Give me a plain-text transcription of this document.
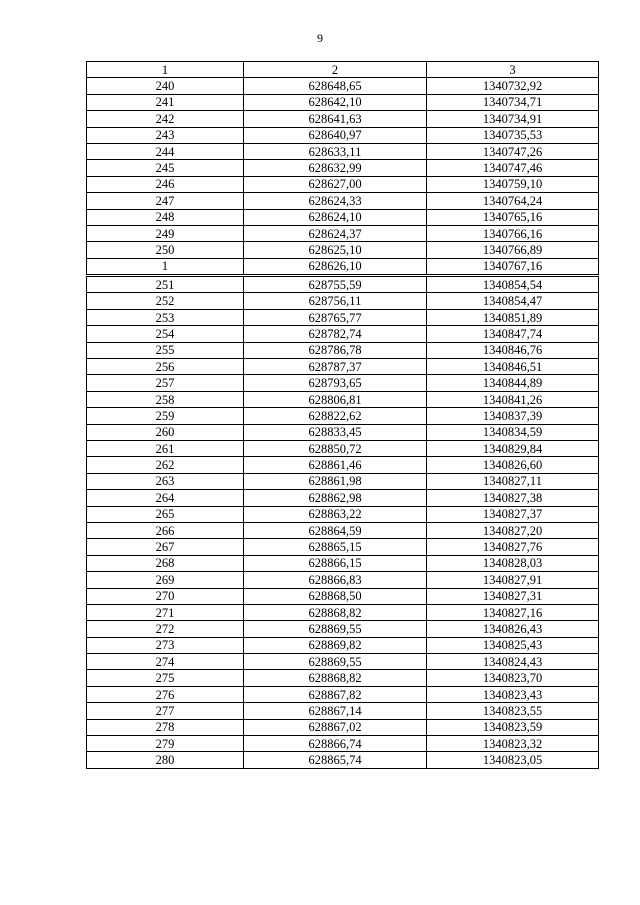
9
1	2	3
240	628648,65	1340732,92
241	628642,10	1340734,71
242	628641,63	1340734,91
243	628640,97	1340735,53
244	628633,11	1340747,26
245	628632,99	1340747,46
246	628627,00	1340759,10
247	628624,33	1340764,24
248	628624,10	1340765,16
249	628624,37	1340766,16
250	628625,10	1340766,89
1	628626,10	1340767,16
251	628755,59	1340854,54
252	628756,11	1340854,47
253	628765,77	1340851,89
254	628782,74	1340847,74
255	628786,78	1340846,76
256	628787,37	1340846,51
257	628793,65	1340844,89
258	628806,81	1340841,26
259	628822,62	1340837,39
260	628833,45	1340834,59
261	628850,72	1340829,84
262	628861,46	1340826,60
263	628861,98	1340827,11
264	628862,98	1340827,38
265	628863,22	1340827,37
266	628864,59	1340827,20
267	628865,15	1340827,76
268	628866,15	1340828,03
269	628866,83	1340827,91
270	628868,50	1340827,31
271	628868,82	1340827,16
272	628869,55	1340826,43
273	628869,82	1340825,43
274	628869,55	1340824,43
275	628868,82	1340823,70
276	628867,82	1340823,43
277	628867,14	1340823,55
278	628867,02	1340823,59
279	628866,74	1340823,32
280	628865,74	1340823,05
